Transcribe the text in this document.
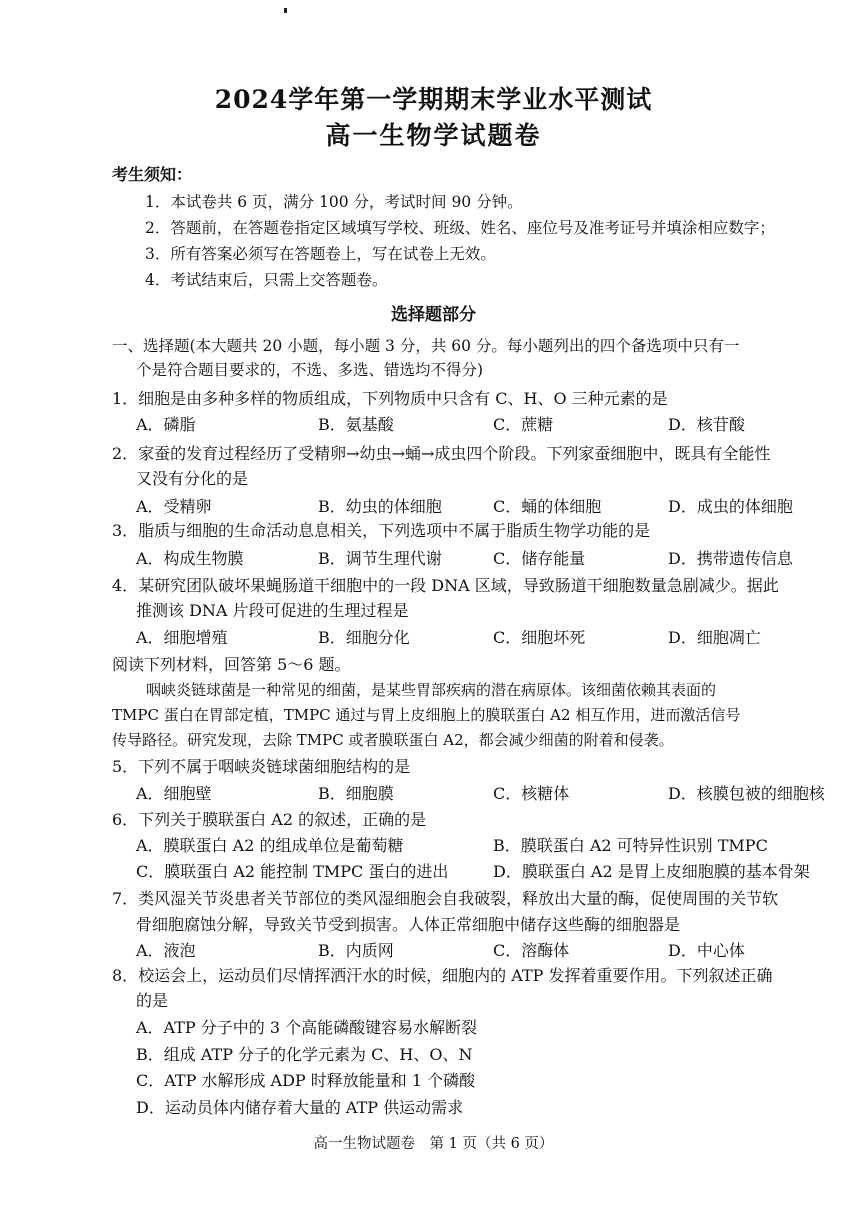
2024学年第一学期期末学业水平测试
高一生物学试题卷
考生须知：
1．本试卷共 6 页，满分 100 分，考试时间 90 分钟。
2．答题前，在答题卷指定区域填写学校、班级、姓名、座位号及准考证号并填涂相应数字；
3．所有答案必须写在答题卷上，写在试卷上无效。
4．考试结束后，只需上交答题卷。
选择题部分
一、选择题(本大题共 20 小题，每小题 3 分，共 60 分。每小题列出的四个备选项中只有一
个是符合题目要求的，不选、多选、错选均不得分)
1．细胞是由多种多样的物质组成，下列物质中只含有 C、H、O 三种元素的是
A．磷脂	B．氨基酸	C．蔗糖	D．核苷酸
2．家蚕的发育过程经历了受精卵→幼虫→蛹→成虫四个阶段。下列家蚕细胞中，既具有全能性
又没有分化的是
A．受精卵	B．幼虫的体细胞	C．蛹的体细胞	D．成虫的体细胞
3．脂质与细胞的生命活动息息相关，下列选项中不属于脂质生物学功能的是
A．构成生物膜	B．调节生理代谢	C．储存能量	D．携带遗传信息
4．某研究团队破坏果蝇肠道干细胞中的一段 DNA 区域，导致肠道干细胞数量急剧减少。据此
推测该 DNA 片段可促进的生理过程是
A．细胞增殖	B．细胞分化	C．细胞坏死	D．细胞凋亡
阅读下列材料，回答第 5～6 题。
咽峡炎链球菌是一种常见的细菌，是某些胃部疾病的潜在病原体。该细菌依赖其表面的
TMPC 蛋白在胃部定植，TMPC 通过与胃上皮细胞上的膜联蛋白 A2 相互作用，进而激活信号
传导路径。研究发现，去除 TMPC 或者膜联蛋白 A2，都会减少细菌的附着和侵袭。
5．下列不属于咽峡炎链球菌细胞结构的是
A．细胞壁	B．细胞膜	C．核糖体	D．核膜包被的细胞核
6．下列关于膜联蛋白 A2 的叙述，正确的是
A．膜联蛋白 A2 的组成单位是葡萄糖	B．膜联蛋白 A2 可特异性识别 TMPC
C．膜联蛋白 A2 能控制 TMPC 蛋白的进出	D．膜联蛋白 A2 是胃上皮细胞膜的基本骨架
7．类风湿关节炎患者关节部位的类风湿细胞会自我破裂，释放出大量的酶，促使周围的关节软
骨细胞腐蚀分解，导致关节受到损害。人体正常细胞中储存这些酶的细胞器是
A．液泡	B．内质网	C．溶酶体	D．中心体
8．校运会上，运动员们尽情挥洒汗水的时候，细胞内的 ATP 发挥着重要作用。下列叙述正确
的是
A．ATP 分子中的 3 个高能磷酸键容易水解断裂
B．组成 ATP 分子的化学元素为 C、H、O、N
C．ATP 水解形成 ADP 时释放能量和 1 个磷酸
D．运动员体内储存着大量的 ATP 供运动需求
高一生物试题卷　第 1 页（共 6 页）
